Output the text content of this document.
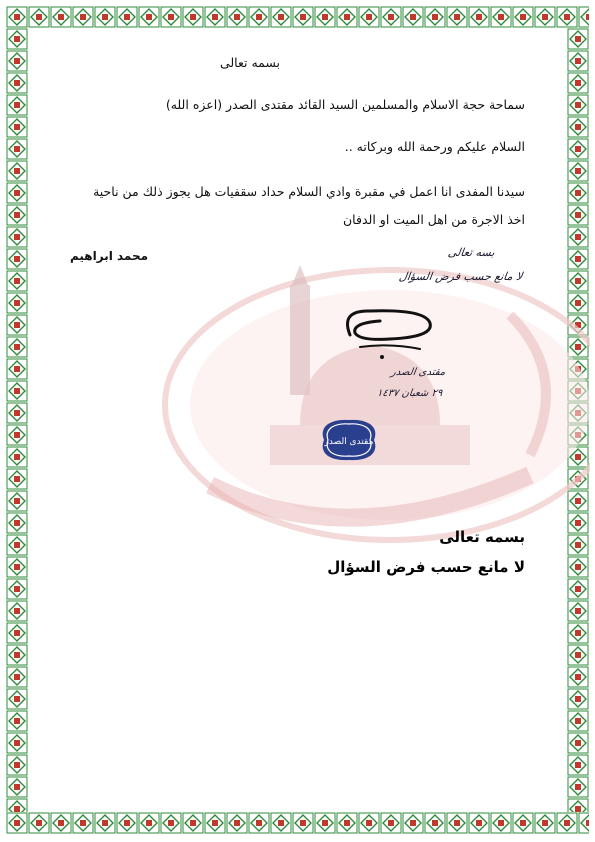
بسمه تعالى
سماحة حجة الاسلام والمسلمين السيد القائد مقتدى الصدر (اعزه الله)
السلام عليكم ورحمة الله وبركاته ..
سيدنا المفدى انا اعمل في مقبرة وادي السلام حداد سقفيات هل يجوز ذلك من ناحية
اخذ الاجرة من اهل الميت او الدفان
محمد ابراهيم	بسه تعالى
لا مانع حسب فرض السؤال
مقتدى الصدر
٢٩ شعبان ١٤٣٧
مقتدى الصدر
بسمه تعالى
لا مانع حسب فرض السؤال
